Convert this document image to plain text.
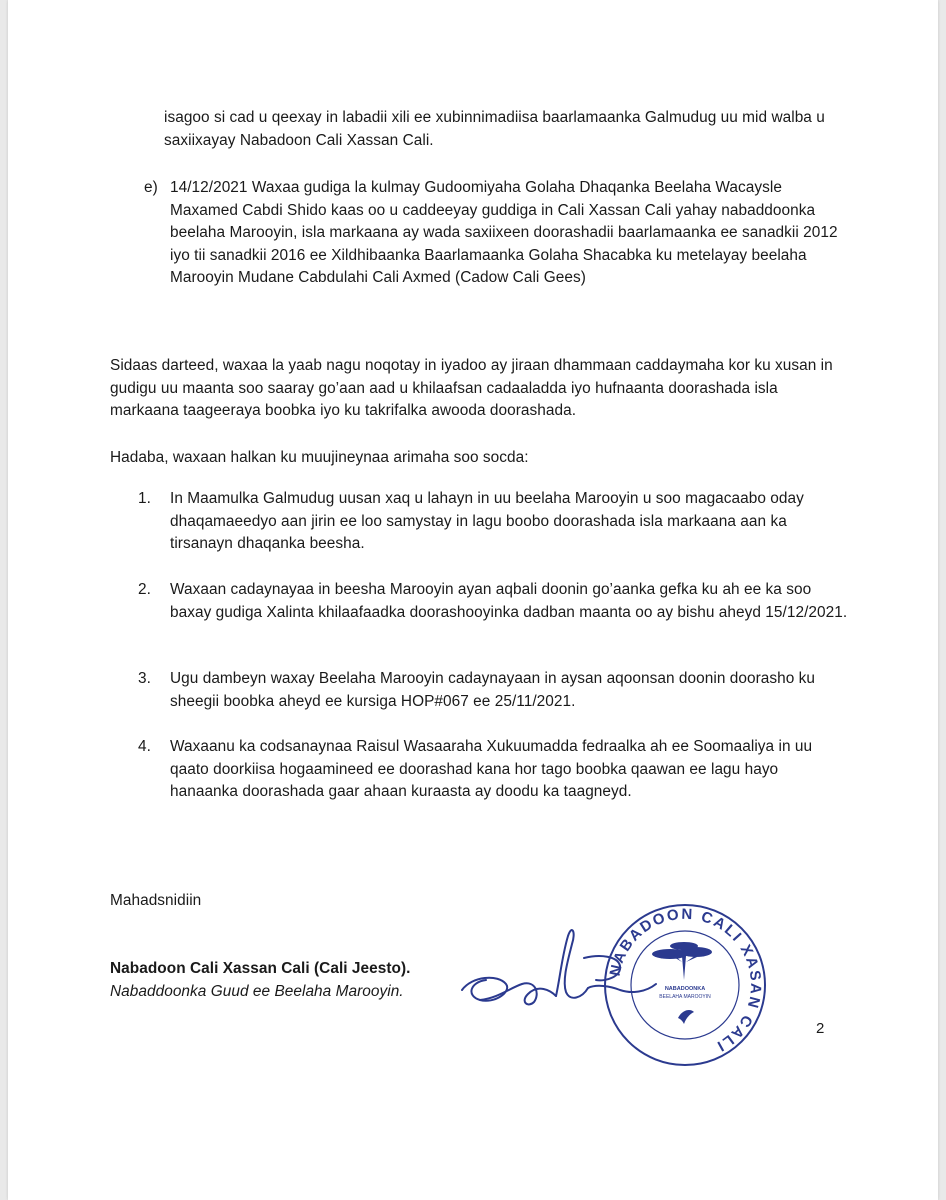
isagoo si cad u qeexay in labadii xili ee xubinnimadiisa baarlamaanka Galmudug uu mid walba u saxiixayay Nabadoon Cali Xassan Cali.

e) 14/12/2021 Waxaa gudiga la kulmay Gudoomiyaha Golaha Dhaqanka Beelaha Wacaysle Maxamed Cabdi Shido kaas oo u caddeeyay guddiga in Cali Xassan Cali yahay nabaddoonka beelaha Marooyin, isla markaana ay wada saxiixeen doorashadii baarlamaanka ee sanadkii 2012 iyo tii sanadkii 2016 ee Xildhibaanka Baarlamaanka Golaha Shacabka ku metelayay beelaha Marooyin Mudane Cabdulahi Cali Axmed (Cadow Cali Gees)

Sidaas darteed, waxaa la yaab nagu noqotay in iyadoo ay jiraan dhammaan caddaymaha kor ku xusan in gudigu uu maanta soo saaray go’aan aad u khilaafsan cadaaladda iyo hufnaanta doorashada isla markaana taageeraya boobka iyo ku takrifalka awooda doorashada.

Hadaba, waxaan halkan ku muujineynaa arimaha soo socda:

1.	In Maamulka Galmudug uusan xaq u lahayn in uu beelaha Marooyin u soo magacaabo oday dhaqamaeedyo aan jirin ee loo samystay in lagu boobo doorashada isla markaana aan ka tirsanayn dhaqanka beesha.

2.	Waxaan cadaynayaa in beesha Marooyin ayan aqbali doonin go’aanka gefka ku ah ee ka soo baxay gudiga Xalinta khilaafaadka doorashooyinka dadban maanta oo ay bishu aheyd 15/12/2021.

3.	Ugu dambeyn waxay Beelaha Marooyin cadaynayaan in aysan aqoonsan doonin doorasho ku sheegii boobka aheyd ee kursiga HOP#067 ee 25/11/2021.

4.	Waxaanu ka codsanaynaa Raisul Wasaaraha Xukuumadda fedraalka ah ee Soomaaliya in uu qaato doorkiisa hogaamineed ee doorashad kana hor tago boobka qaawan ee lagu hayo hanaanka doorashada gaar ahaan kuraasta ay doodu ka taagneyd.

Mahadsnidiin

Nabadoon Cali Xassan Cali (Cali Jeesto).

Nabaddoonka Guud ee Beelaha Marooyin.

NABADOON CALI XASAN CALI
NABADOONKA
BEELAHA MAROOYIN
2
